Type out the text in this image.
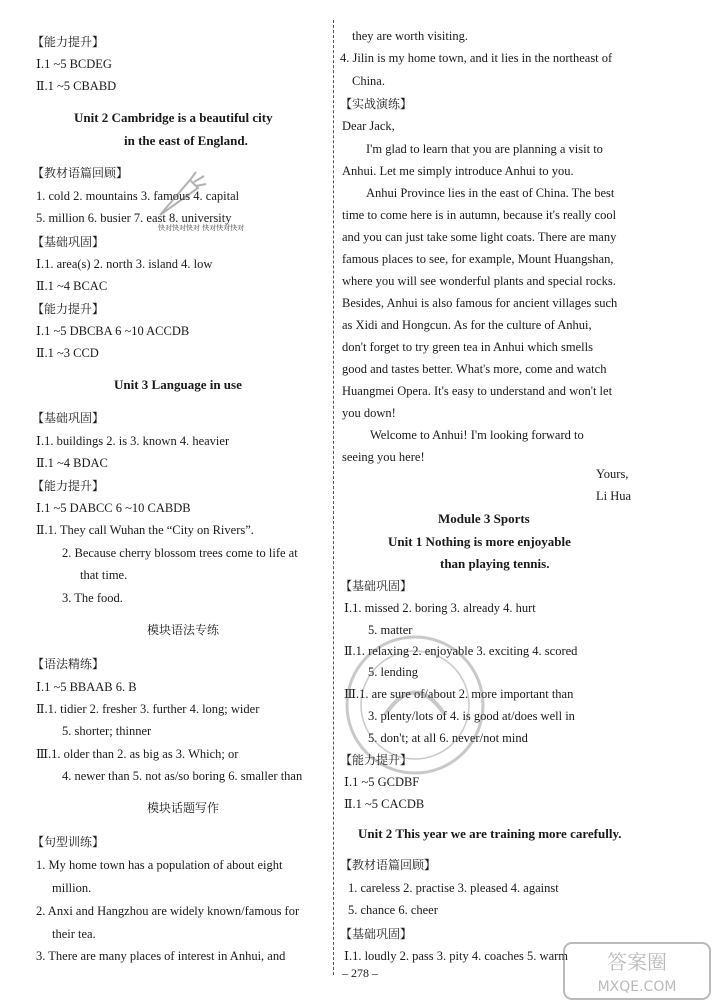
【能力提升】
Ⅰ.1 ~5 BCDEG
Ⅱ.1 ~5 CBABD
Unit 2 Cambridge is a beautiful city
in the east of England.
【教材语篇回顾】
1. cold 2. mountains 3. famous 4. capital
5. million 6. busier 7. east 8. university
【基础巩固】
Ⅰ.1. area(s) 2. north 3. island 4. low
Ⅱ.1 ~4 BCAC
【能力提升】
Ⅰ.1 ~5 DBCBA 6 ~10 ACCDB
Ⅱ.1 ~3 CCD
Unit 3 Language in use
【基础巩固】
Ⅰ.1. buildings 2. is 3. known 4. heavier
Ⅱ.1 ~4 BDAC
【能力提升】
Ⅰ.1 ~5 DABCC 6 ~10 CABDB
Ⅱ.1. They call Wuhan the “City on Rivers”.
2. Because cherry blossom trees come to life at
that time.
3. The food.
模块语法专练
【语法精练】
Ⅰ.1 ~5 BBAAB 6. B
Ⅱ.1. tidier 2. fresher 3. further 4. long; wider
5. shorter; thinner
Ⅲ.1. older than 2. as big as 3. Which; or
4. newer than 5. not as/so boring 6. smaller than
模块话题写作
【句型训练】
1. My home town has a population of about eight
million.
2. Anxi and Hangzhou are widely known/famous for
their tea.
3. There are many places of interest in Anhui, and
they are worth visiting.
4. Jilin is my home town, and it lies in the northeast of
China.
【实战演练】
Dear Jack,
I'm glad to learn that you are planning a visit to
Anhui. Let me simply introduce Anhui to you.
Anhui Province lies in the east of China. The best
time to come here is in autumn, because it's really cool
and you can just take some light coats. There are many
famous places to see, for example, Mount Huangshan,
where you will see wonderful plants and special rocks.
Besides, Anhui is also famous for ancient villages such
as Xidi and Hongcun. As for the culture of Anhui,
don't forget to try green tea in Anhui which smells
good and tastes better. What's more, come and watch
Huangmei Opera. It's easy to understand and won't let
you down!
Welcome to Anhui! I'm looking forward to
seeing you here!
Yours,
Li Hua
Module 3 Sports
Unit 1 Nothing is more enjoyable
than playing tennis.
【基础巩固】
Ⅰ.1. missed 2. boring 3. already 4. hurt
5. matter
Ⅱ.1. relaxing 2. enjoyable 3. exciting 4. scored
5. lending
Ⅲ.1. are sure of/about 2. more important than
3. plenty/lots of 4. is good at/does well in
5. don't; at all 6. never/not mind
【能力提升】
Ⅰ.1 ~5 GCDBF
Ⅱ.1 ~5 CACDB
Unit 2 This year we are training more carefully.
【教材语篇回顾】
1. careless 2. practise 3. pleased 4. against
5. chance 6. cheer
【基础巩固】
Ⅰ.1. loudly 2. pass 3. pity 4. coaches 5. warm
快对快对快对 快对快对快对
– 278 –	答案圈
MXQE.COM
